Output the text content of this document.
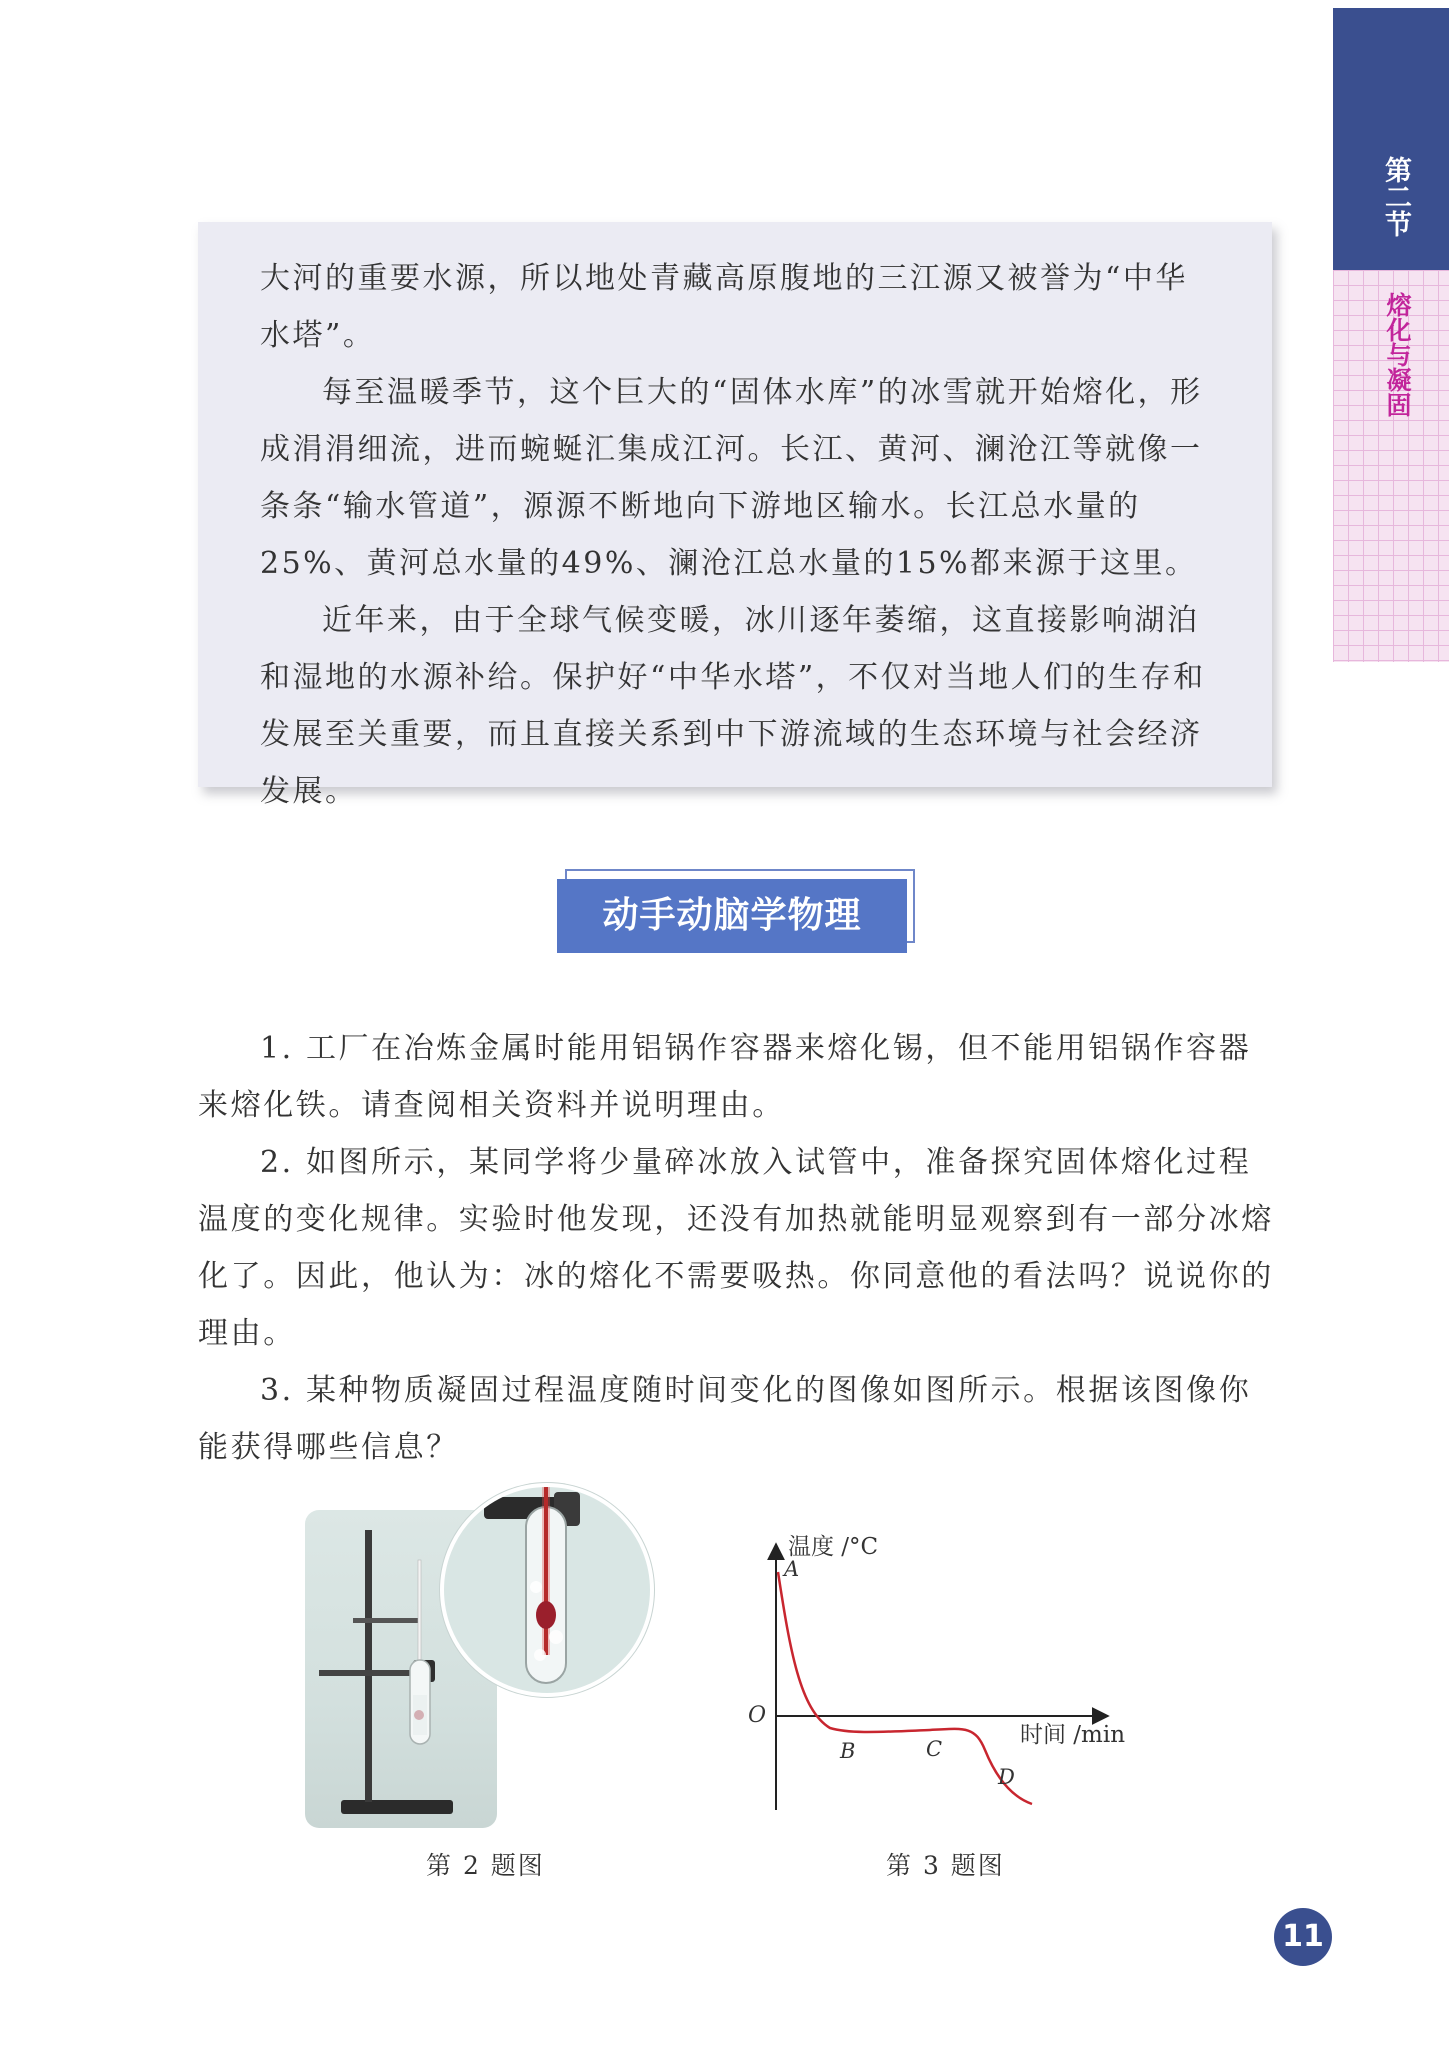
第二节
熔化与凝固

大河的重要水源，所以地处青藏高原腹地的三江源又被誉为“中华水塔”。

每至温暖季节，这个巨大的“固体水库”的冰雪就开始熔化，形成涓涓细流，进而蜿蜒汇集成江河。长江、黄河、澜沧江等就像一条条“输水管道”，源源不断地向下游地区输水。长江总水量的25%、黄河总水量的49%、澜沧江总水量的15%都来源于这里。

近年来，由于全球气候变暖，冰川逐年萎缩，这直接影响湖泊和湿地的水源补给。保护好“中华水塔”，不仅对当地人们的生存和发展至关重要，而且直接关系到中下游流域的生态环境与社会经济发展。

动手动脑学物理

1. 工厂在冶炼金属时能用铝锅作容器来熔化锡，但不能用铝锅作容器来熔化铁。请查阅相关资料并说明理由。

2. 如图所示，某同学将少量碎冰放入试管中，准备探究固体熔化过程温度的变化规律。实验时他发现，还没有加热就能明显观察到有一部分冰熔化了。因此，他认为：冰的熔化不需要吸热。你同意他的看法吗？说说你的理由。

3. 某种物质凝固过程温度随时间变化的图像如图所示。根据该图像你能获得哪些信息？

第 2 题图
温度 /°C
时间 /min
O
A
B	C
D
第 3 题图
11
